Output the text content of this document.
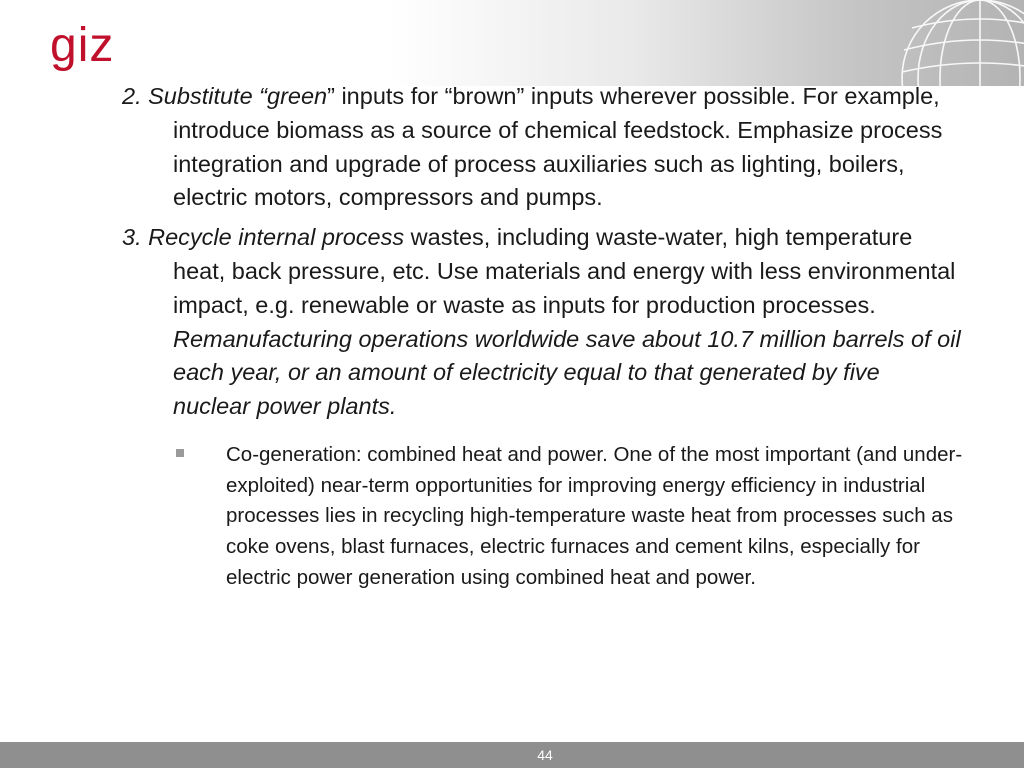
giz
2. Substitute “green” inputs for “brown” inputs wherever possible. For example, introduce biomass as a source of chemical feedstock. Emphasize process integration and upgrade of process auxiliaries such as lighting, boilers, electric motors, compressors and pumps.
3. Recycle internal process wastes, including waste-water, high temperature heat, back pressure, etc. Use materials and energy with less environmental impact, e.g. renewable or waste as inputs for production processes. Remanufacturing operations worldwide save about 10.7 million barrels of oil each year, or an amount of electricity equal to that generated by five nuclear power plants.
Co-generation: combined heat and power. One of the most important (and under-exploited) near-term opportunities for improving energy efficiency in industrial processes lies in recycling high-temperature waste heat from processes such as coke ovens, blast furnaces, electric furnaces and cement kilns, especially for electric power generation using combined heat and power.
44
